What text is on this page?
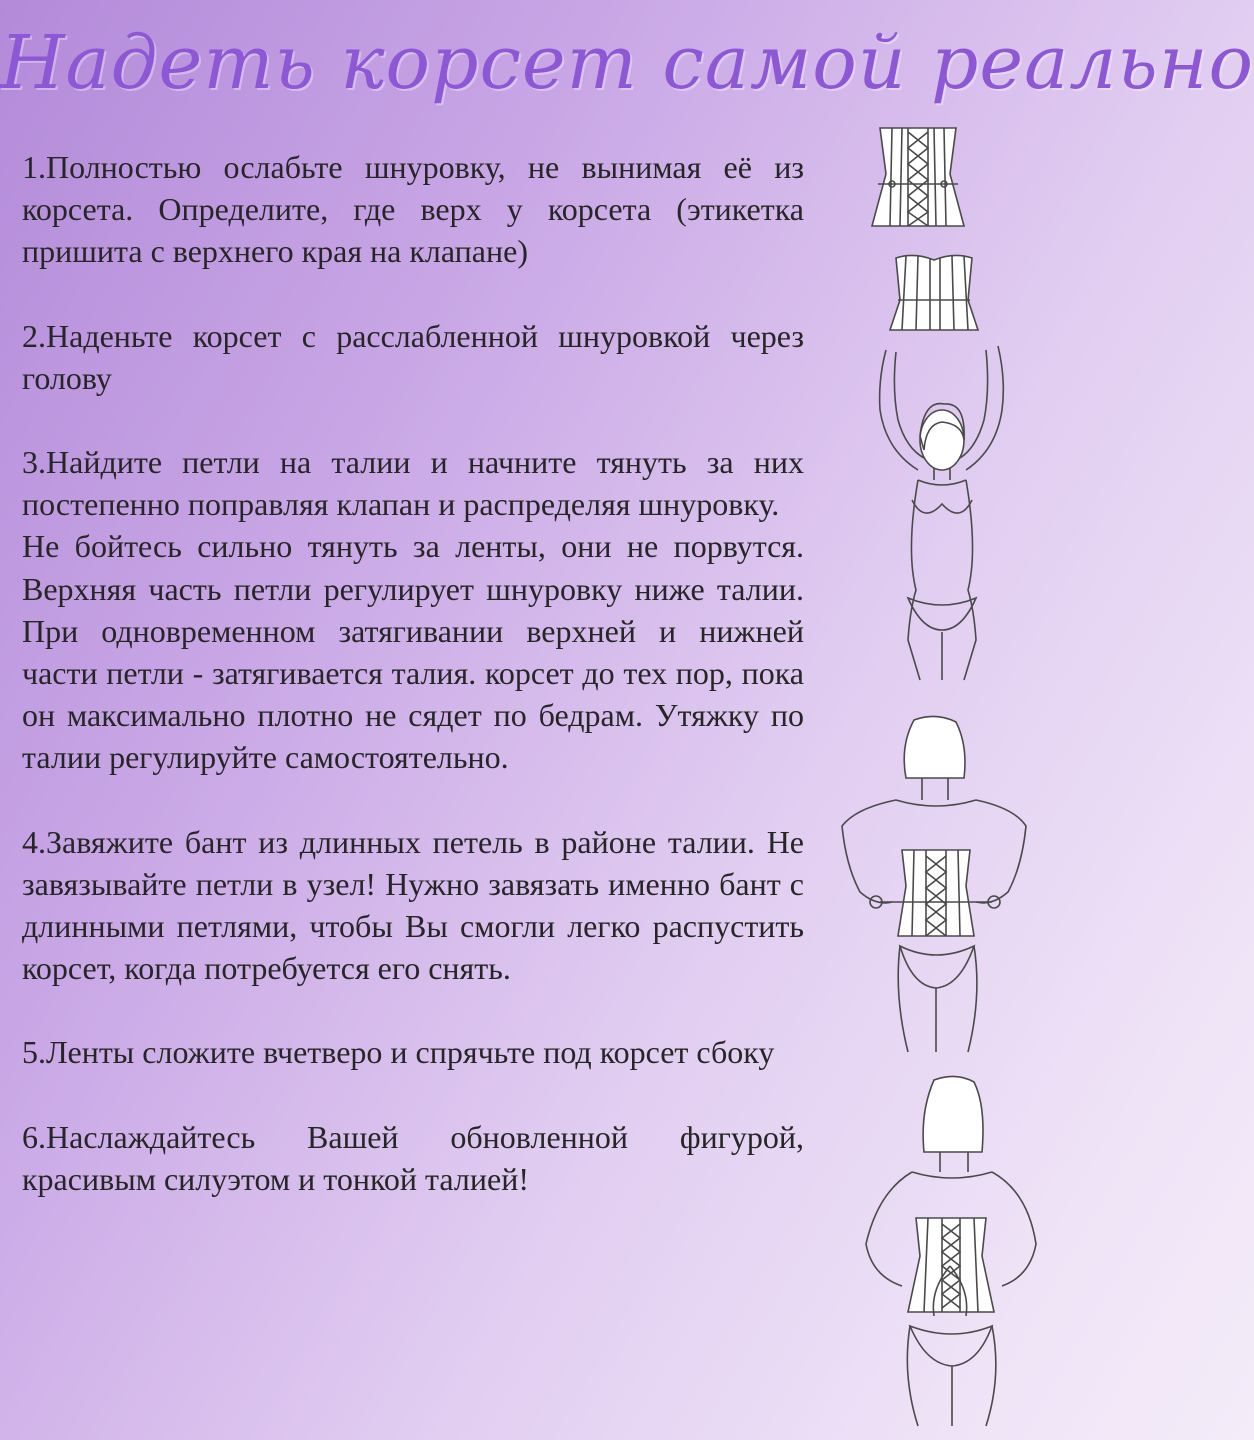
Надеть корсет самой реально

1.Полностью ослабьте шнуровку, не вынимая её из корсета. Определите, где верх у корсета (этикетка пришита с верхнего края на клапане)

2.Наденьте корсет с расслабленной шнуровкой через голову

3.Найдите петли на талии и начните тянуть за них постепенно поправляя клапан и распределяя шнуровку.

Не бойтесь сильно тянуть за ленты, они не порвутся. Верхняя часть петли регулирует шнуровку ниже талии. При одновременном затягивании верхней и нижней части петли - затягивается талия. корсет до тех пор, пока он максимально плотно не сядет по бедрам. Утяжку по талии регулируйте самостоятельно.

4.Завяжите бант из длинных петель в районе талии. Не завязывайте петли в узел! Нужно завязать именно бант с длинными петлями, чтобы Вы смогли легко распустить корсет, когда потребуется его снять.

5.Ленты сложите вчетверо и спрячьте под корсет сбоку

6.Наслаждайтесь Вашей обновленной фигурой, красивым силуэтом и тонкой талией!
